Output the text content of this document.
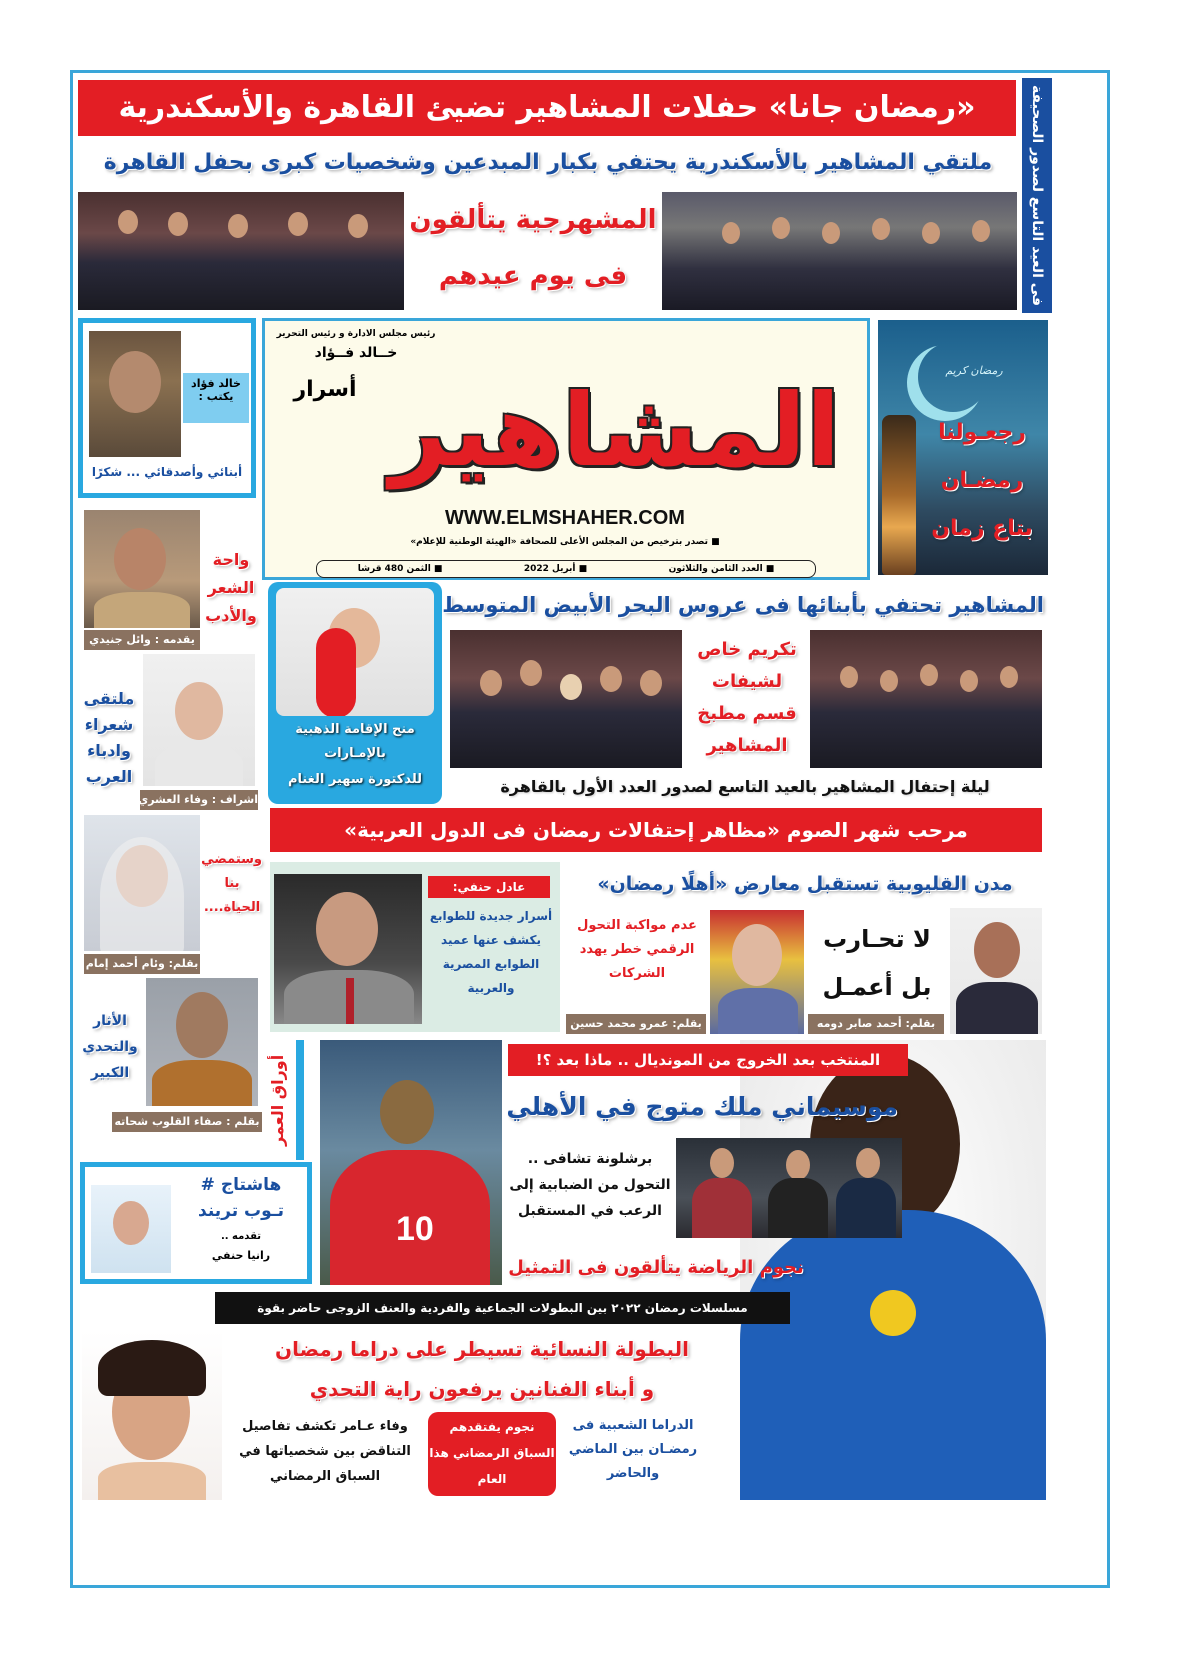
فى العيد التاسع لصدور الصحيفة
«رمضان جانا» حفلات المشاهير تضيئ القاهرة والأسكندرية
ملتقي المشاهير بالأسكندرية يحتفي بكبار المبدعين وشخصيات كبرى بحفل القاهرة
المشهرجية يتألقون
فى يوم عيدهم
خالد فؤاد
يكتب :
أبنائي وأصدقائي ... شكرًا
رئيس مجلس الادارة و رئيس التحرير
خــالد فــؤاد
أسرار المشاهير
WWW.ELMSHAHER.COM
■ تصدر بترخيص من المجلس الأعلى للصحافة «الهيئة الوطنية للإعلام»
■ العدد الثامن والثلاثون
■ أبريل 2022
■ الثمن 480 قرشا
رمضان كريم
رجعـولنا
رمضـان
بتاع زمان
واحة الشعر والأدب
يقدمه : وائل جنيدي
ملتقى شعراء وادباء العرب
اشراف : وفاء العشري
وستمضي بنا الحياة....
بقلم: وئام أحمد إمام
الأثار والتحدي الكبير
بقلم : صفاء القلوب شحاته أوراق العمر
هاشتاج #
تـوب تريند
تقدمه ..
رانيا حنفي
منح الإقامة الذهبية
بالإمـارات
للدكتورة سهير الغنام
المشاهير تحتفي بأبنائها فى عروس البحر الأبيض المتوسط
تكريم خاص
لشيفات
قسم مطبخ
المشاهير
ليلة إحتفال المشاهير بالعيد التاسع لصدور العدد الأول بالقاهرة
مرحب شهر الصوم «مظاهر إحتفالات رمضان فى الدول العربية»
مدن القليوبية تستقبل معارض «أهلًا رمضان»
عادل حنفي:
أسرار جديدة للطوابع يكشف عنها عميد الطوابع المصرية والعربية
عدم مواكبة التحول الرقمي خطر يهدد الشركات
بقلم: عمرو محمد حسين
لا تحـارب
بل أعمـل
بقلم: أحمد صابر دومه
10
المنتخب بعد الخروج من المونديال .. ماذا بعد ؟!
موسيماني ملك متوج في الأهلي
برشلونة تشافى .. التحول من الضبابية إلى الرعب في المستقبل
نجوم الرياضة يتألقون فى التمثيل
مسلسلات رمضان ٢٠٢٢ بين البطولات الجماعية والفردية والعنف الزوجى حاضر بقوة
البطولة النسائية تسيطر على دراما رمضان
و أبناء الفنانين يرفعون راية التحدي
الدراما الشعبية فى رمضـان بين الماضي والحاضر
نجوم يفتقدهم السباق الرمضاني هذا العام
وفاء عـامر تكشف تفاصيل التناقض بين شخصياتها في السباق الرمضاني
